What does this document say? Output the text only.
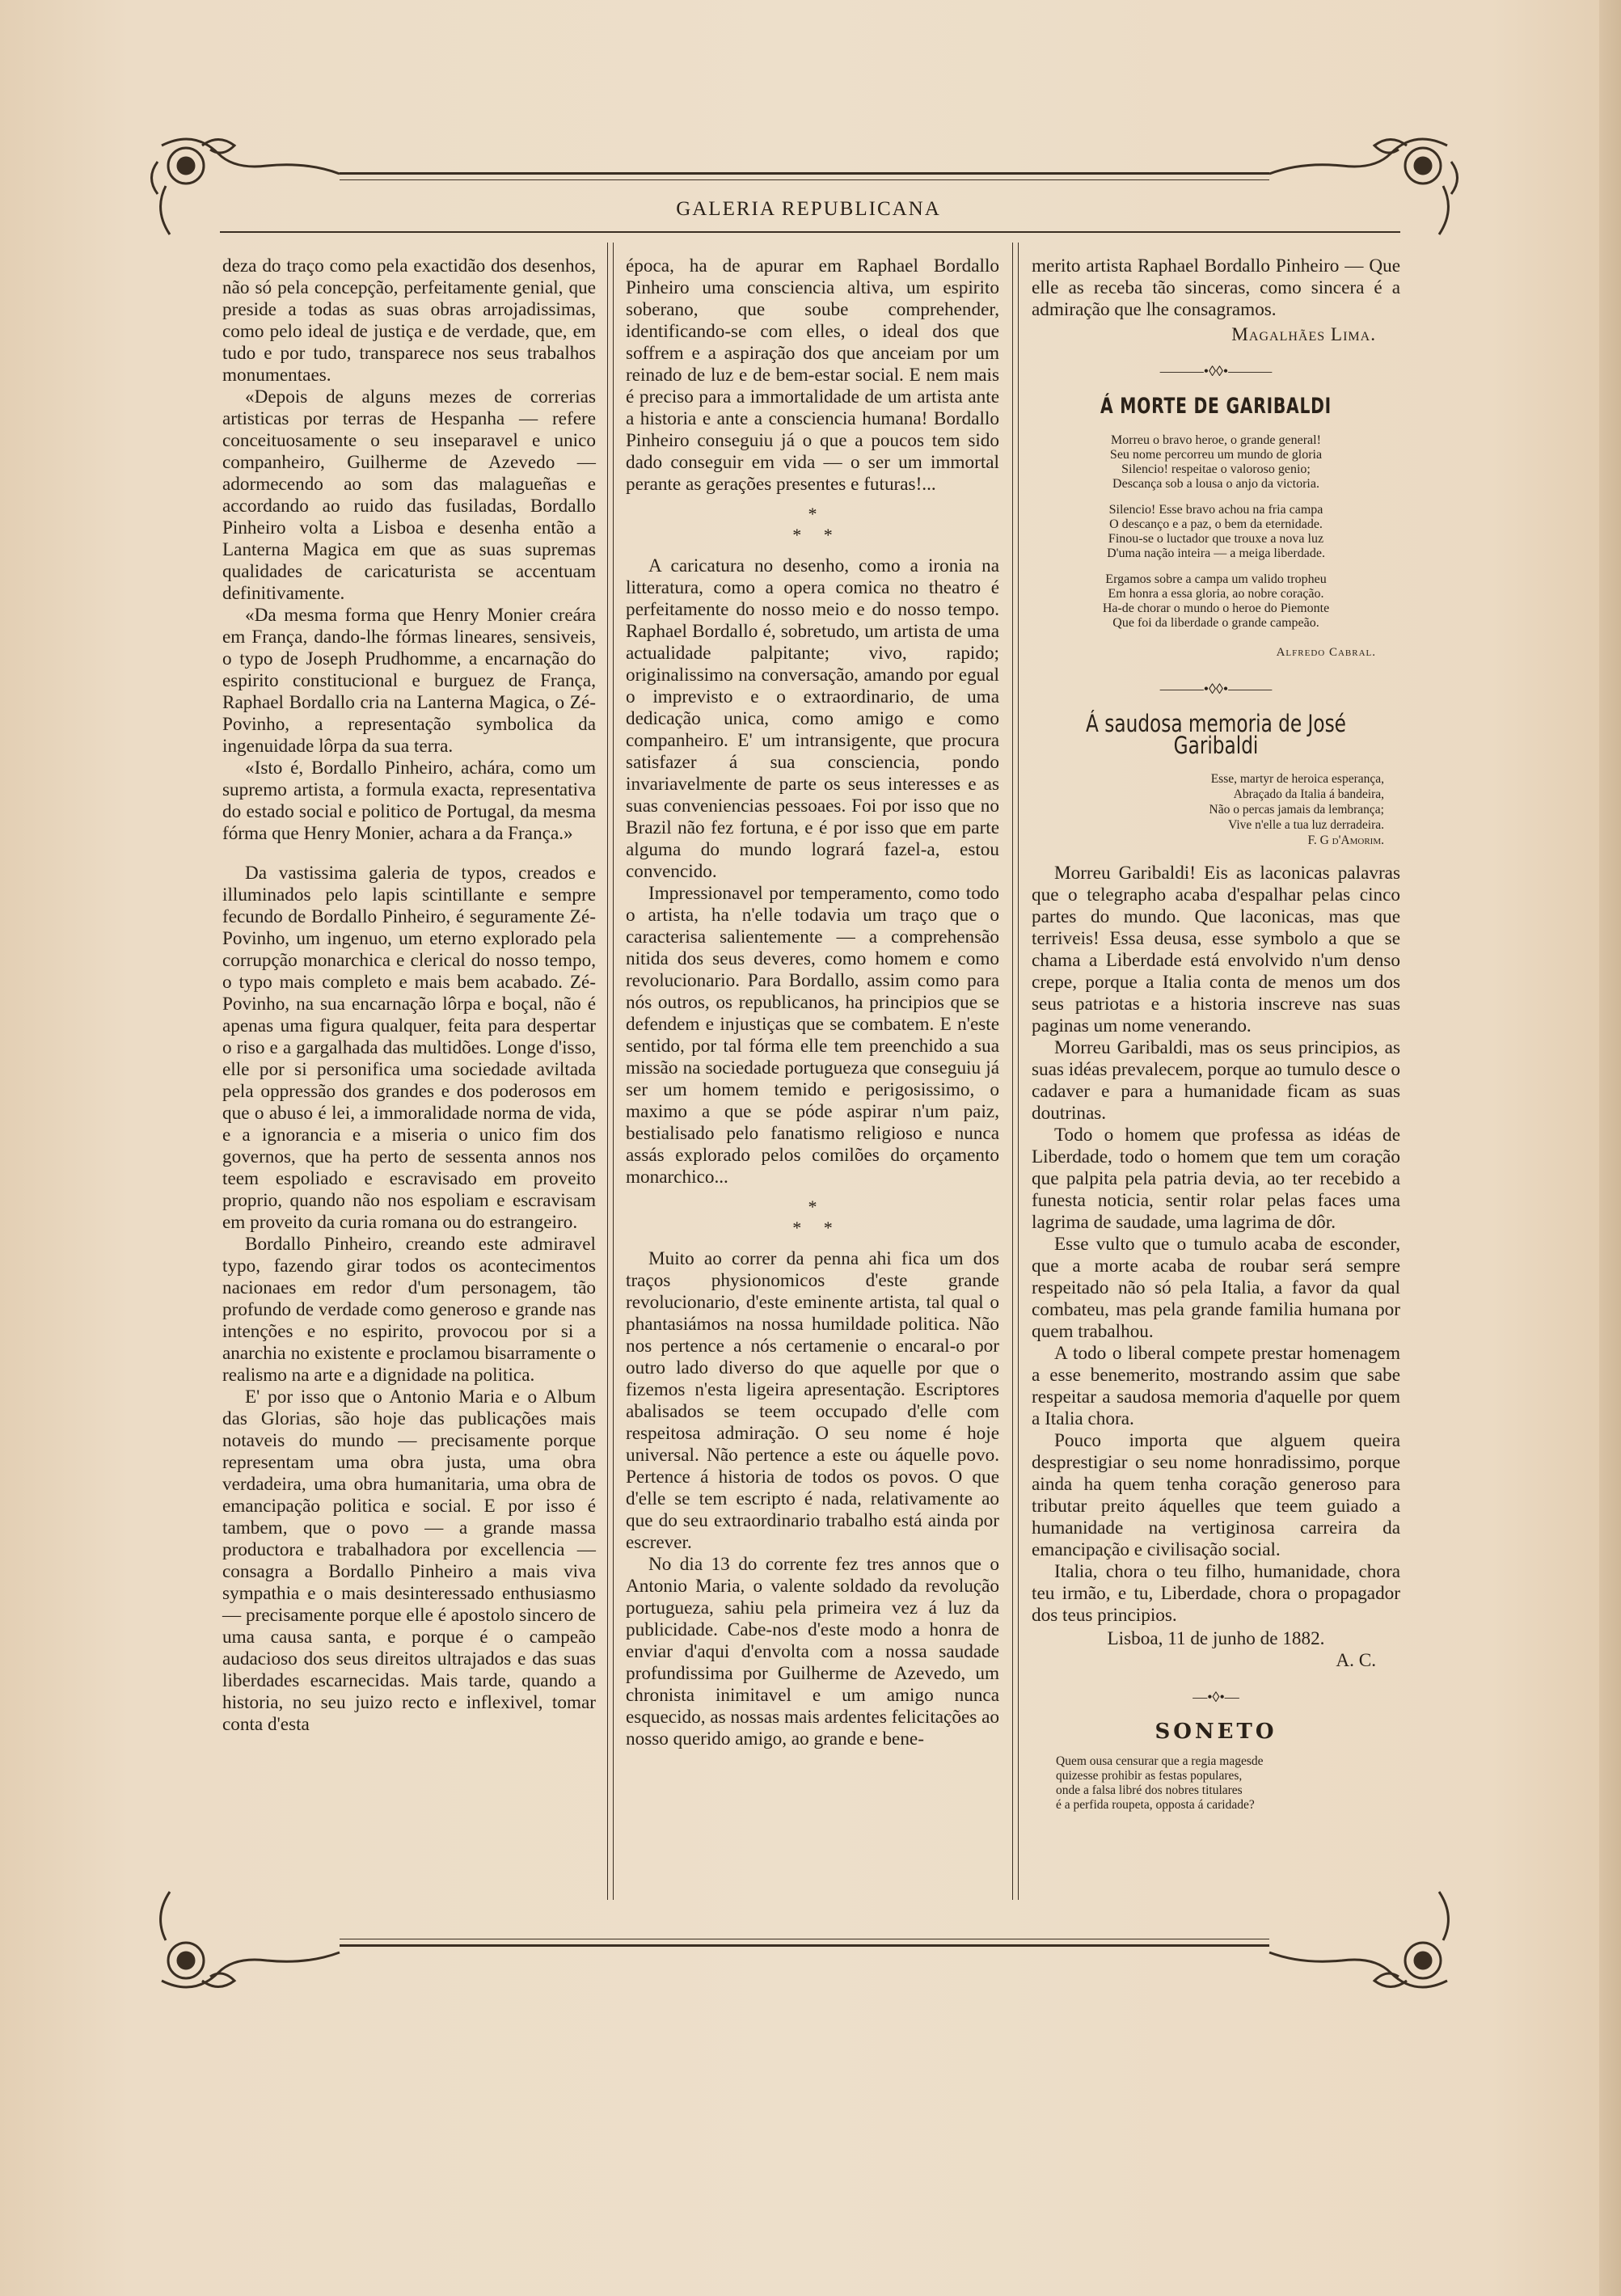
GALERIA REPUBLICANA

deza do traço como pela exactidão dos desenhos, não só pela concepção, perfeitamente genial, que preside a todas as suas obras arrojadissimas, como pelo ideal de justiça e de verdade, que, em tudo e por tudo, transparece nos seus trabalhos monumentaes.

«Depois de alguns mezes de correrias artisticas por terras de Hespanha — refere conceituosamente o seu inseparavel e unico companheiro, Guilherme de Azevedo — adormecendo ao som das malagueñas e accordando ao ruido das fusiladas, Bordallo Pinheiro volta a Lisboa e desenha então a Lanterna Magica em que as suas supremas qualidades de caricaturista se accentuam definitivamente.

«Da mesma forma que Henry Monier creára em França, dando-lhe fórmas lineares, sensiveis, o typo de Joseph Prudhomme, a encarnação do espirito constitucional e burguez de França, Raphael Bordallo cria na Lanterna Magica, o Zé-Povinho, a representação symbolica da ingenuidade lôrpa da sua terra.

«Isto é, Bordallo Pinheiro, achára, como um supremo artista, a formula exacta, representativa do estado social e politico de Portugal, da mesma fórma que Henry Monier, achara a da França.»

Da vastissima galeria de typos, creados e illuminados pelo lapis scintillante e sempre fecundo de Bordallo Pinheiro, é seguramente Zé-Povinho, um ingenuo, um eterno explorado pela corrupção monarchica e clerical do nosso tempo, o typo mais completo e mais bem acabado. Zé-Povinho, na sua encarnação lôrpa e boçal, não é apenas uma figura qualquer, feita para despertar o riso e a gargalhada das multidões. Longe d'isso, elle por si personifica uma sociedade aviltada pela oppressão dos grandes e dos poderosos em que o abuso é lei, a immoralidade norma de vida, e a ignorancia e a miseria o unico fim dos governos, que ha perto de sessenta annos nos teem espoliado e escravisado em proveito proprio, quando não nos espoliam e escravisam em proveito da curia romana ou do estrangeiro.

Bordallo Pinheiro, creando este admiravel typo, fazendo girar todos os acontecimentos nacionaes em redor d'um personagem, tão profundo de verdade como generoso e grande nas intenções e no espirito, provocou por si a anarchia no existente e proclamou bisarramente o realismo na arte e a dignidade na politica.

E' por isso que o Antonio Maria e o Album das Glorias, são hoje das publicações mais notaveis do mundo — precisamente porque representam uma obra justa, uma obra verdadeira, uma obra humanitaria, uma obra de emancipação politica e social. E por isso é tambem, que o povo — a grande massa productora e trabalhadora por excellencia — consagra a Bordallo Pinheiro a mais viva sympathia e o mais desinteressado enthusiasmo — precisamente porque elle é apostolo sincero de uma causa santa, e porque é o campeão audacioso dos seus direitos ultrajados e das suas liberdades escarnecidas. Mais tarde, quando a historia, no seu juizo recto e inflexivel, tomar conta d'esta

época, ha de apurar em Raphael Bordallo Pinheiro uma consciencia altiva, um espirito soberano, que soube comprehender, identificando-se com elles, o ideal dos que soffrem e a aspiração dos que anceiam por um reinado de luz e de bem-estar social. E nem mais é preciso para a immortalidade de um artista ante a historia e ante a consciencia humana! Bordallo Pinheiro conseguiu já o que a poucos tem sido dado conseguir em vida — o ser um immortal perante as gerações presentes e futuras!...

*
*     *

A caricatura no desenho, como a ironia na litteratura, como a opera comica no theatro é perfeitamente do nosso meio e do nosso tempo. Raphael Bordallo é, sobretudo, um artista de uma actualidade palpitante; vivo, rapido; originalissimo na conversação, amando por egual o imprevisto e o extraordinario, de uma dedicação unica, como amigo e como companheiro. E' um intransigente, que procura satisfazer á sua consciencia, pondo invariavelmente de parte os seus interesses e as suas conveniencias pessoaes. Foi por isso que no Brazil não fez fortuna, e é por isso que em parte alguma do mundo logrará fazel-a, estou convencido.

Impressionavel por temperamento, como todo o artista, ha n'elle todavia um traço que o caracterisa salientemente — a comprehensão nitida dos seus deveres, como homem e como revolucionario. Para Bordallo, assim como para nós outros, os republicanos, ha principios que se defendem e injustiças que se combatem. E n'este sentido, por tal fórma elle tem preenchido a sua missão na sociedade portugueza que conseguiu já ser um homem temido e perigosissimo, o maximo a que se póde aspirar n'um paiz, bestialisado pelo fanatismo religioso e nunca assás explorado pelos comilões do orçamento monarchico...

*
*     *

Muito ao correr da penna ahi fica um dos traços physionomicos d'este grande revolucionario, d'este eminente artista, tal qual o phantasiámos na nossa humildade politica. Não nos pertence a nós certamenie o encaral-o por outro lado diverso do que aquelle por que o fizemos n'esta ligeira apresentação. Escriptores abalisados se teem occupado d'elle com respeitosa admiração. O seu nome é hoje universal. Não pertence a este ou áquelle povo. Pertence á historia de todos os povos. O que d'elle se tem escripto é nada, relativamente ao que do seu extraordinario trabalho está ainda por escrever.

No dia 13 do corrente fez tres annos que o Antonio Maria, o valente soldado da revolução portugueza, sahiu pela primeira vez á luz da publicidade. Cabe-nos d'este modo a honra de enviar d'aqui d'envolta com a nossa saudade profundissima por Guilherme de Azevedo, um chronista inimitavel e um amigo nunca esquecido, as nossas mais ardentes felicitações ao nosso querido amigo, ao grande e bene-

merito artista Raphael Bordallo Pinheiro — Que elle as receba tão sinceras, como sincera é a admiração que lhe consagramos.

Magalhães Lima.
———•◊◊•———
Á MORTE DE GARIBALDI
Morreu o bravo heroe, o grande general!
Seu nome percorreu um mundo de gloria
Silencio! respeitae o valoroso genio;
Descança sob a lousa o anjo da victoria.
Silencio! Esse bravo achou na fria campa
O descanço e a paz, o bem da eternidade.
Finou-se o luctador que trouxe a nova luz
D'uma nação inteira — a meiga liberdade.
Ergamos sobre a campa um valido tropheu
Em honra a essa gloria, ao nobre coração.
Ha-de chorar o mundo o heroe do Piemonte
Que foi da liberdade o grande campeão.
Alfredo Cabral.
———•◊◊•———
Á saudosa memoria de José Garibaldi
Esse, martyr de heroica esperança,
Abraçado da Italia á bandeira,
Não o percas jamais da lembrança;
Vive n'elle a tua luz derradeira.
F. G d'Amorim.

Morreu Garibaldi! Eis as laconicas palavras que o telegrapho acaba d'espalhar pelas cinco partes do mundo. Que laconicas, mas que terriveis! Essa deusa, esse symbolo a que se chama a Liberdade está envolvido n'um denso crepe, porque a Italia conta de menos um dos seus patriotas e a historia inscreve nas suas paginas um nome venerando.

Morreu Garibaldi, mas os seus principios, as suas idéas prevalecem, porque ao tumulo desce o cadaver e para a humanidade ficam as suas doutrinas.

Todo o homem que professa as idéas de Liberdade, todo o homem que tem um coração que palpita pela patria devia, ao ter recebido a funesta noticia, sentir rolar pelas faces uma lagrima de saudade, uma lagrima de dôr.

Esse vulto que o tumulo acaba de esconder, que a morte acaba de roubar será sempre respeitado não só pela Italia, a favor da qual combateu, mas pela grande familia humana por quem trabalhou.

A todo o liberal compete prestar homenagem a esse benemerito, mostrando assim que sabe respeitar a saudosa memoria d'aquelle por quem a Italia chora.

Pouco importa que alguem queira desprestigiar o seu nome honradissimo, porque ainda ha quem tenha coração generoso para tributar preito áquelles que teem guiado a humanidade na vertiginosa carreira da emancipação e civilisação social.

Italia, chora o teu filho, humanidade, chora teu irmão, e tu, Liberdade, chora o propagador dos teus principios.

Lisboa, 11 de junho de 1882.
A. C.
—•◊•—
SONETO
Quem ousa censurar que a regia magesde
quizesse prohibir as festas populares,
onde a falsa libré dos nobres titulares
é a perfida roupeta, opposta á caridade?
